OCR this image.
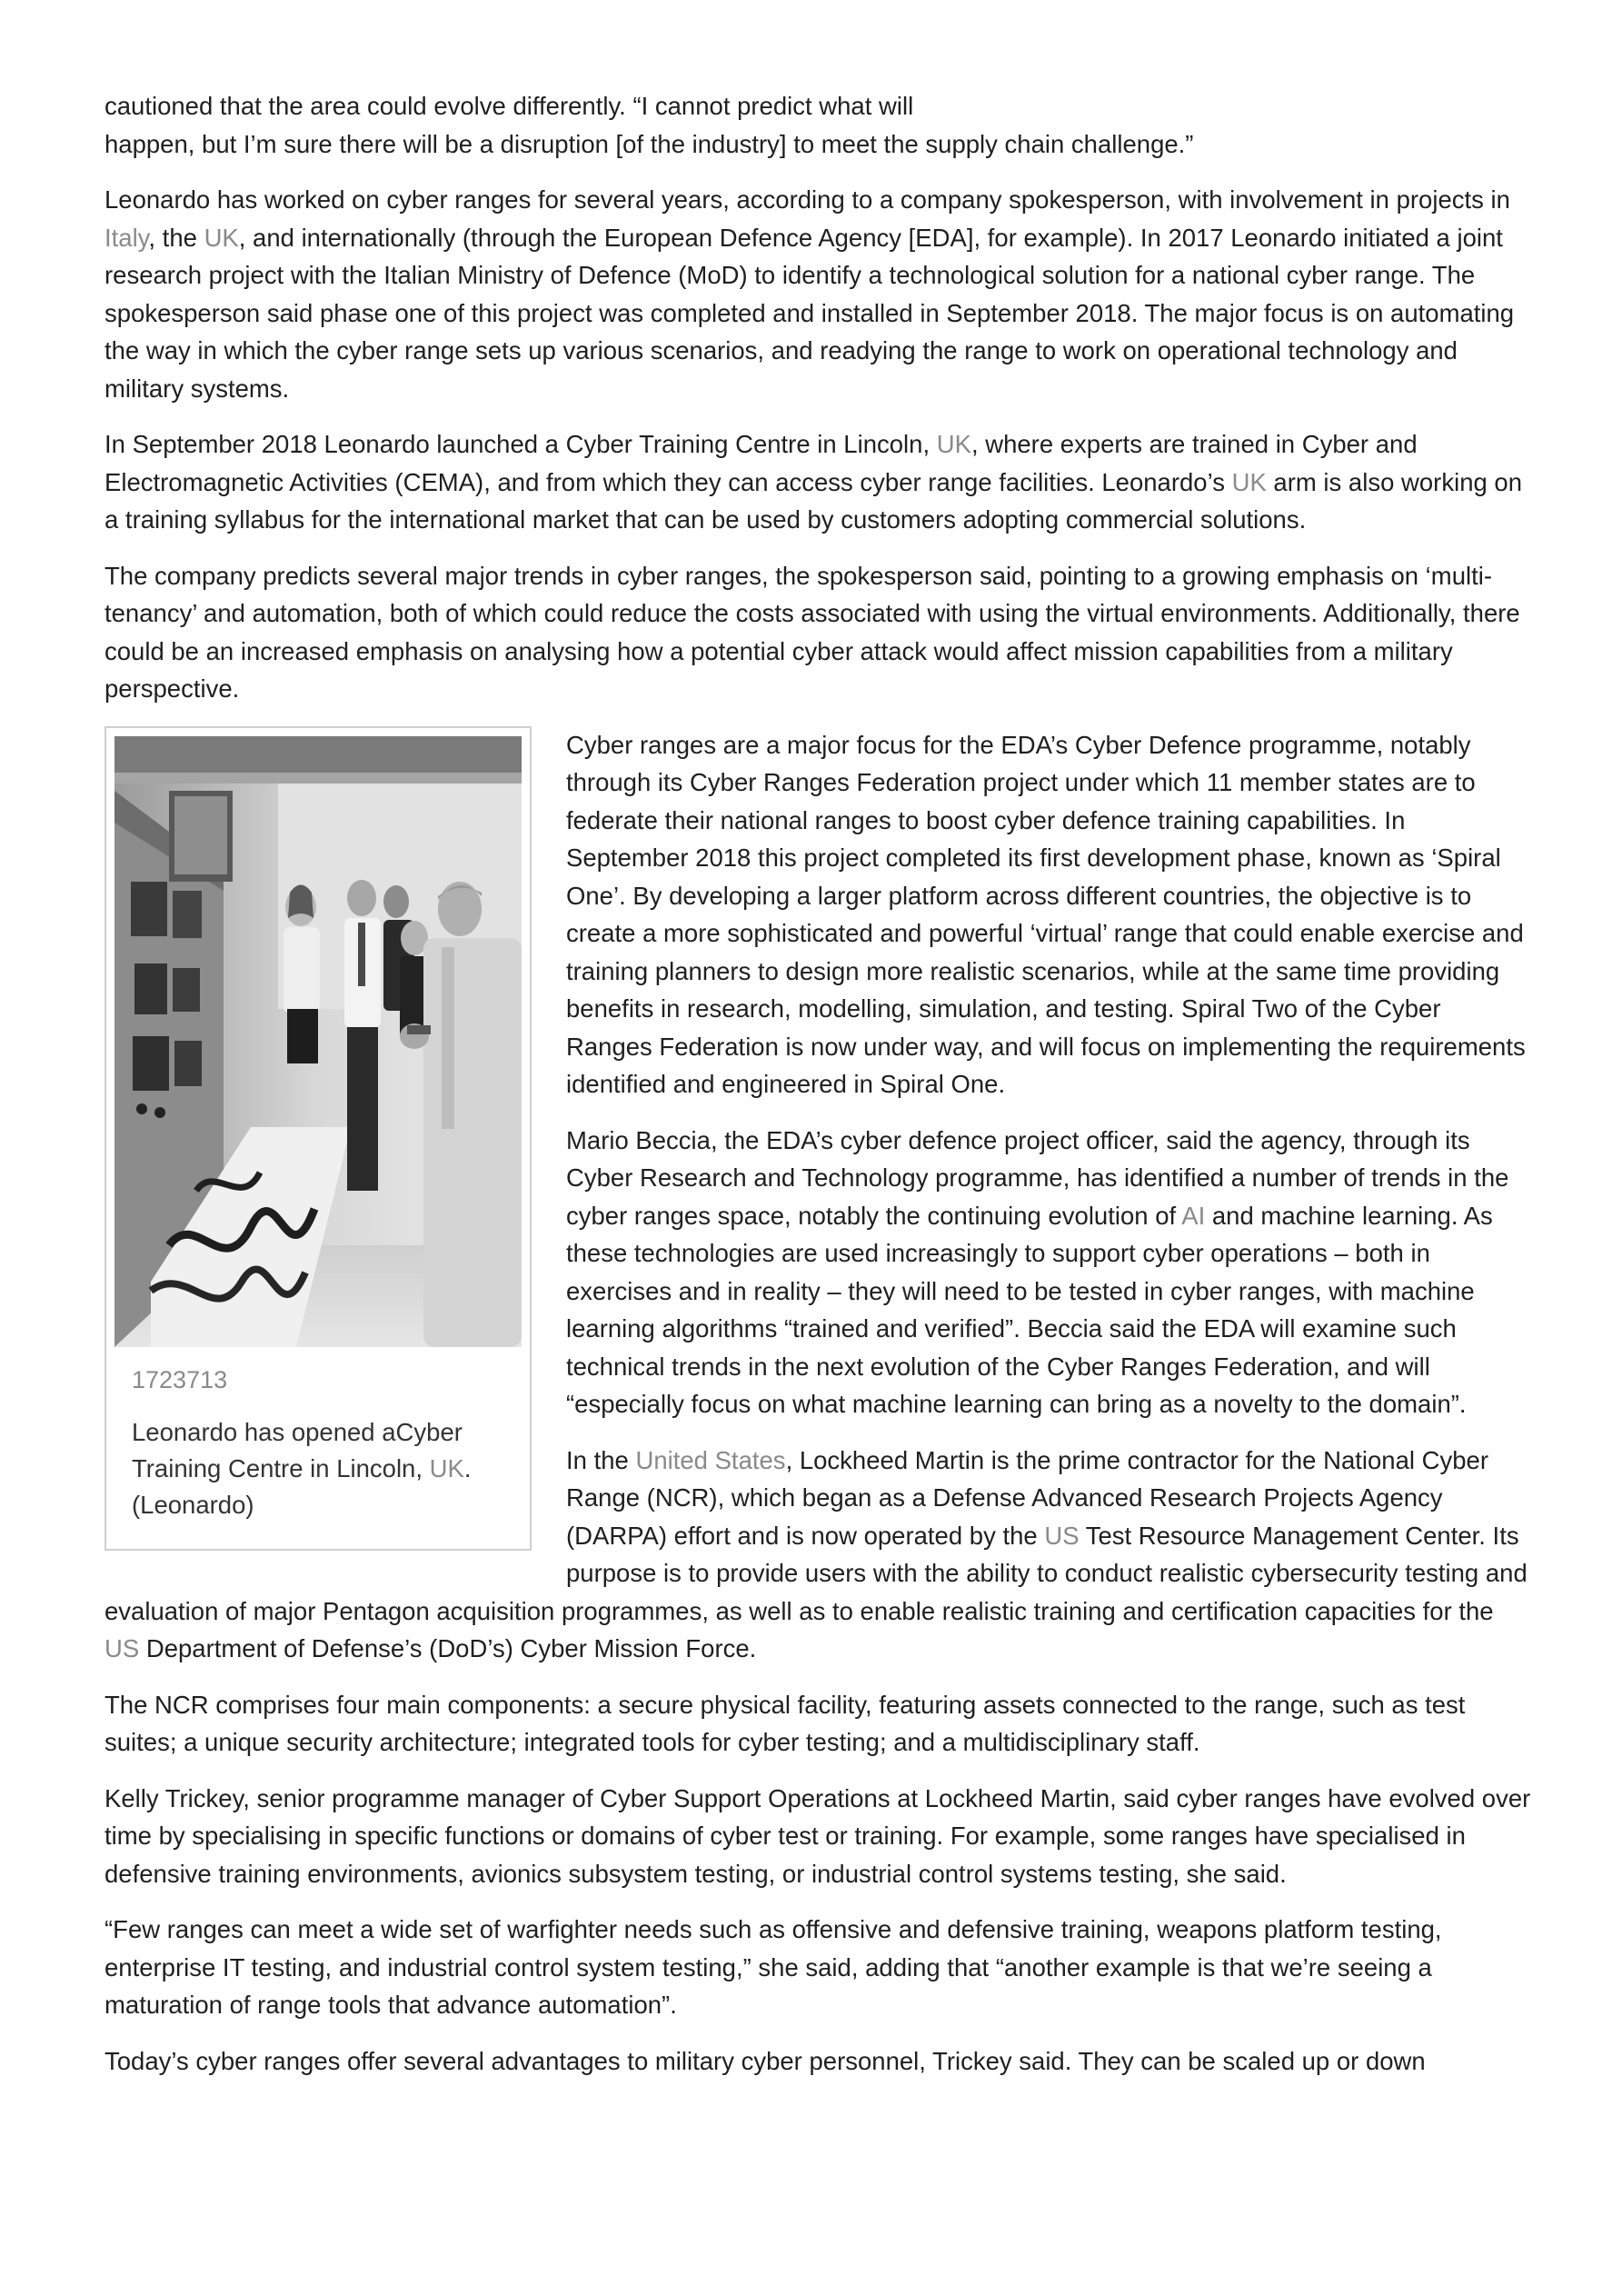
cautioned that the area could evolve differently. “I cannot predict what will
happen, but I’m sure there will be a disruption [of the industry] to meet the supply chain challenge.”

Leonardo has worked on cyber ranges for several years, according to a company spokesperson, with involvement in projects in Italy, the UK, and internationally (through the European Defence Agency [EDA], for example). In 2017 Leonardo initiated a joint research project with the Italian Ministry of Defence (MoD) to identify a technological solution for a national cyber range. The spokesperson said phase one of this project was completed and installed in September 2018. The major focus is on automating the way in which the cyber range sets up various scenarios, and readying the range to work on operational technology and military systems.

In September 2018 Leonardo launched a Cyber Training Centre in Lincoln, UK, where experts are trained in Cyber and Electromagnetic Activities (CEMA), and from which they can access cyber range facilities. Leonardo’s UK arm is also working on a training syllabus for the international market that can be used by customers adopting commercial solutions.

The company predicts several major trends in cyber ranges, the spokesperson said, pointing to a growing emphasis on ‘multi-tenancy’ and automation, both of which could reduce the costs associated with using the virtual environments. Additionally, there could be an increased emphasis on analysing how a potential cyber attack would affect mission capabilities from a military perspective.

1723713
Leonardo has opened aCyber Training Centre in Lincoln, UK. (Leonardo)

Cyber ranges are a major focus for the EDA’s Cyber Defence programme, notably through its Cyber Ranges Federation project under which 11 member states are to federate their national ranges to boost cyber defence training capabilities. In September 2018 this project completed its first development phase, known as ‘Spiral One’. By developing a larger platform across different countries, the objective is to create a more sophisticated and powerful ‘virtual’ range that could enable exercise and training planners to design more realistic scenarios, while at the same time providing benefits in research, modelling, simulation, and testing. Spiral Two of the Cyber Ranges Federation is now under way, and will focus on implementing the requirements identified and engineered in Spiral One.

Mario Beccia, the EDA’s cyber defence project officer, said the agency, through its Cyber Research and Technology programme, has identified a number of trends in the cyber ranges space, notably the continuing evolution of AI and machine learning. As these technologies are used increasingly to support cyber operations – both in exercises and in reality – they will need to be tested in cyber ranges, with machine learning algorithms “trained and verified”. Beccia said the EDA will examine such technical trends in the next evolution of the Cyber Ranges Federation, and will “especially focus on what machine learning can bring as a novelty to the domain”.

In the United States, Lockheed Martin is the prime contractor for the National Cyber Range (NCR), which began as a Defense Advanced Research Projects Agency (DARPA) effort and is now operated by the US Test Resource Management Center. Its purpose is to provide users with the ability to conduct realistic cybersecurity testing and evaluation of major Pentagon acquisition programmes, as well as to enable realistic training and certification capacities for the US Department of Defense’s (DoD’s) Cyber Mission Force.

The NCR comprises four main components: a secure physical facility, featuring assets connected to the range, such as test suites; a unique security architecture; integrated tools for cyber testing; and a multidisciplinary staff.

Kelly Trickey, senior programme manager of Cyber Support Operations at Lockheed Martin, said cyber ranges have evolved over time by specialising in specific functions or domains of cyber test or training. For example, some ranges have specialised in defensive training environments, avionics subsystem testing, or industrial control systems testing, she said.

“Few ranges can meet a wide set of warfighter needs such as offensive and defensive training, weapons platform testing, enterprise IT testing, and industrial control system testing,” she said, adding that “another example is that we’re seeing a maturation of range tools that advance automation”.

Today’s cyber ranges offer several advantages to military cyber personnel, Trickey said. They can be scaled up or down
